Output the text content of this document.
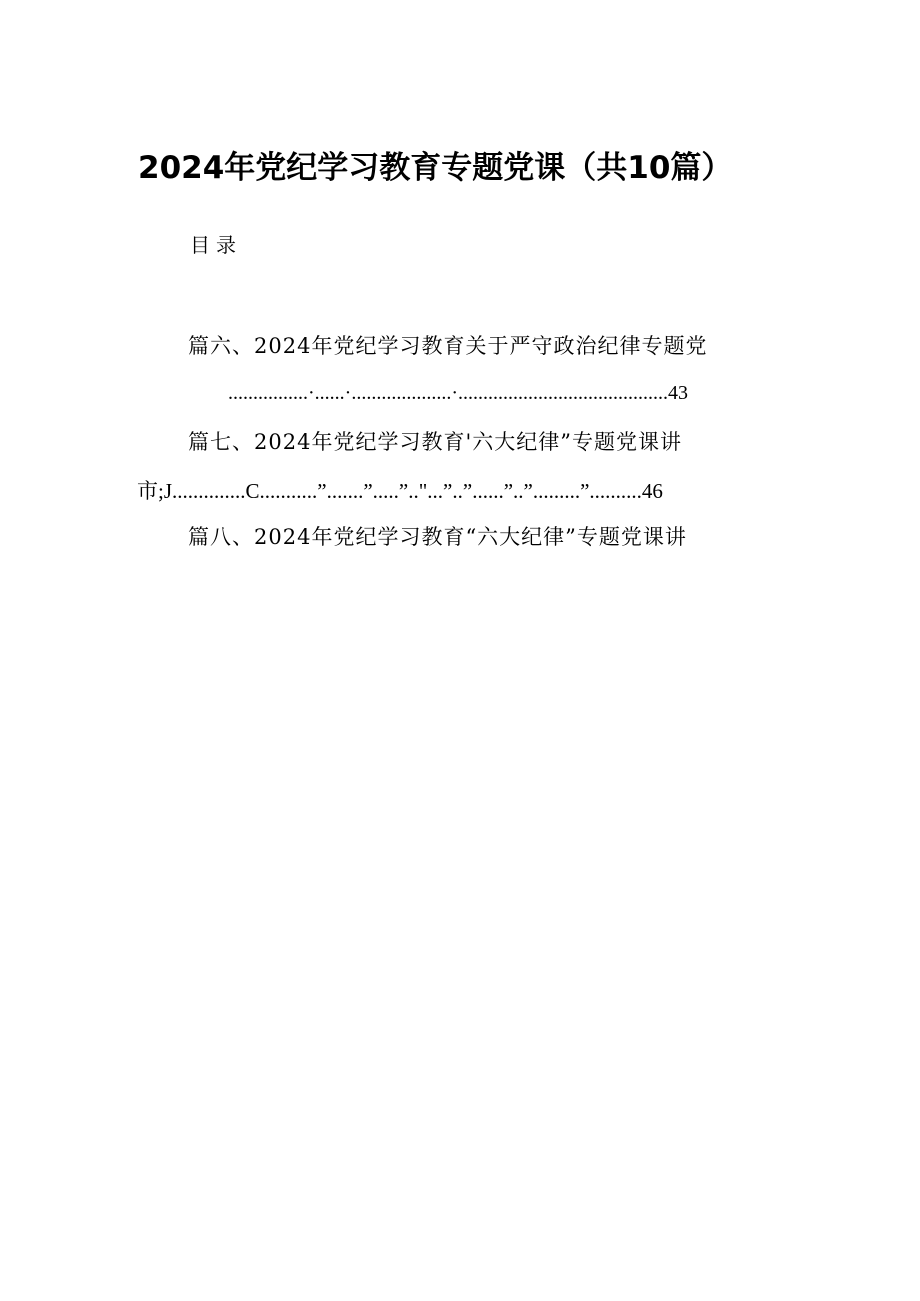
2024年党纪学习教育专题党课（共10篇）
目录
篇六、2024年党纪学习教育关于严守政治纪律专题党
................·......·....................·..........................................43
篇七、2024年党纪学习教育'六大纪律”专题党课讲
市;J..............C...........”.......”.....”.."...”..”......”..”.........”..........46
篇八、2024年党纪学习教育“六大纪律”专题党课讲
